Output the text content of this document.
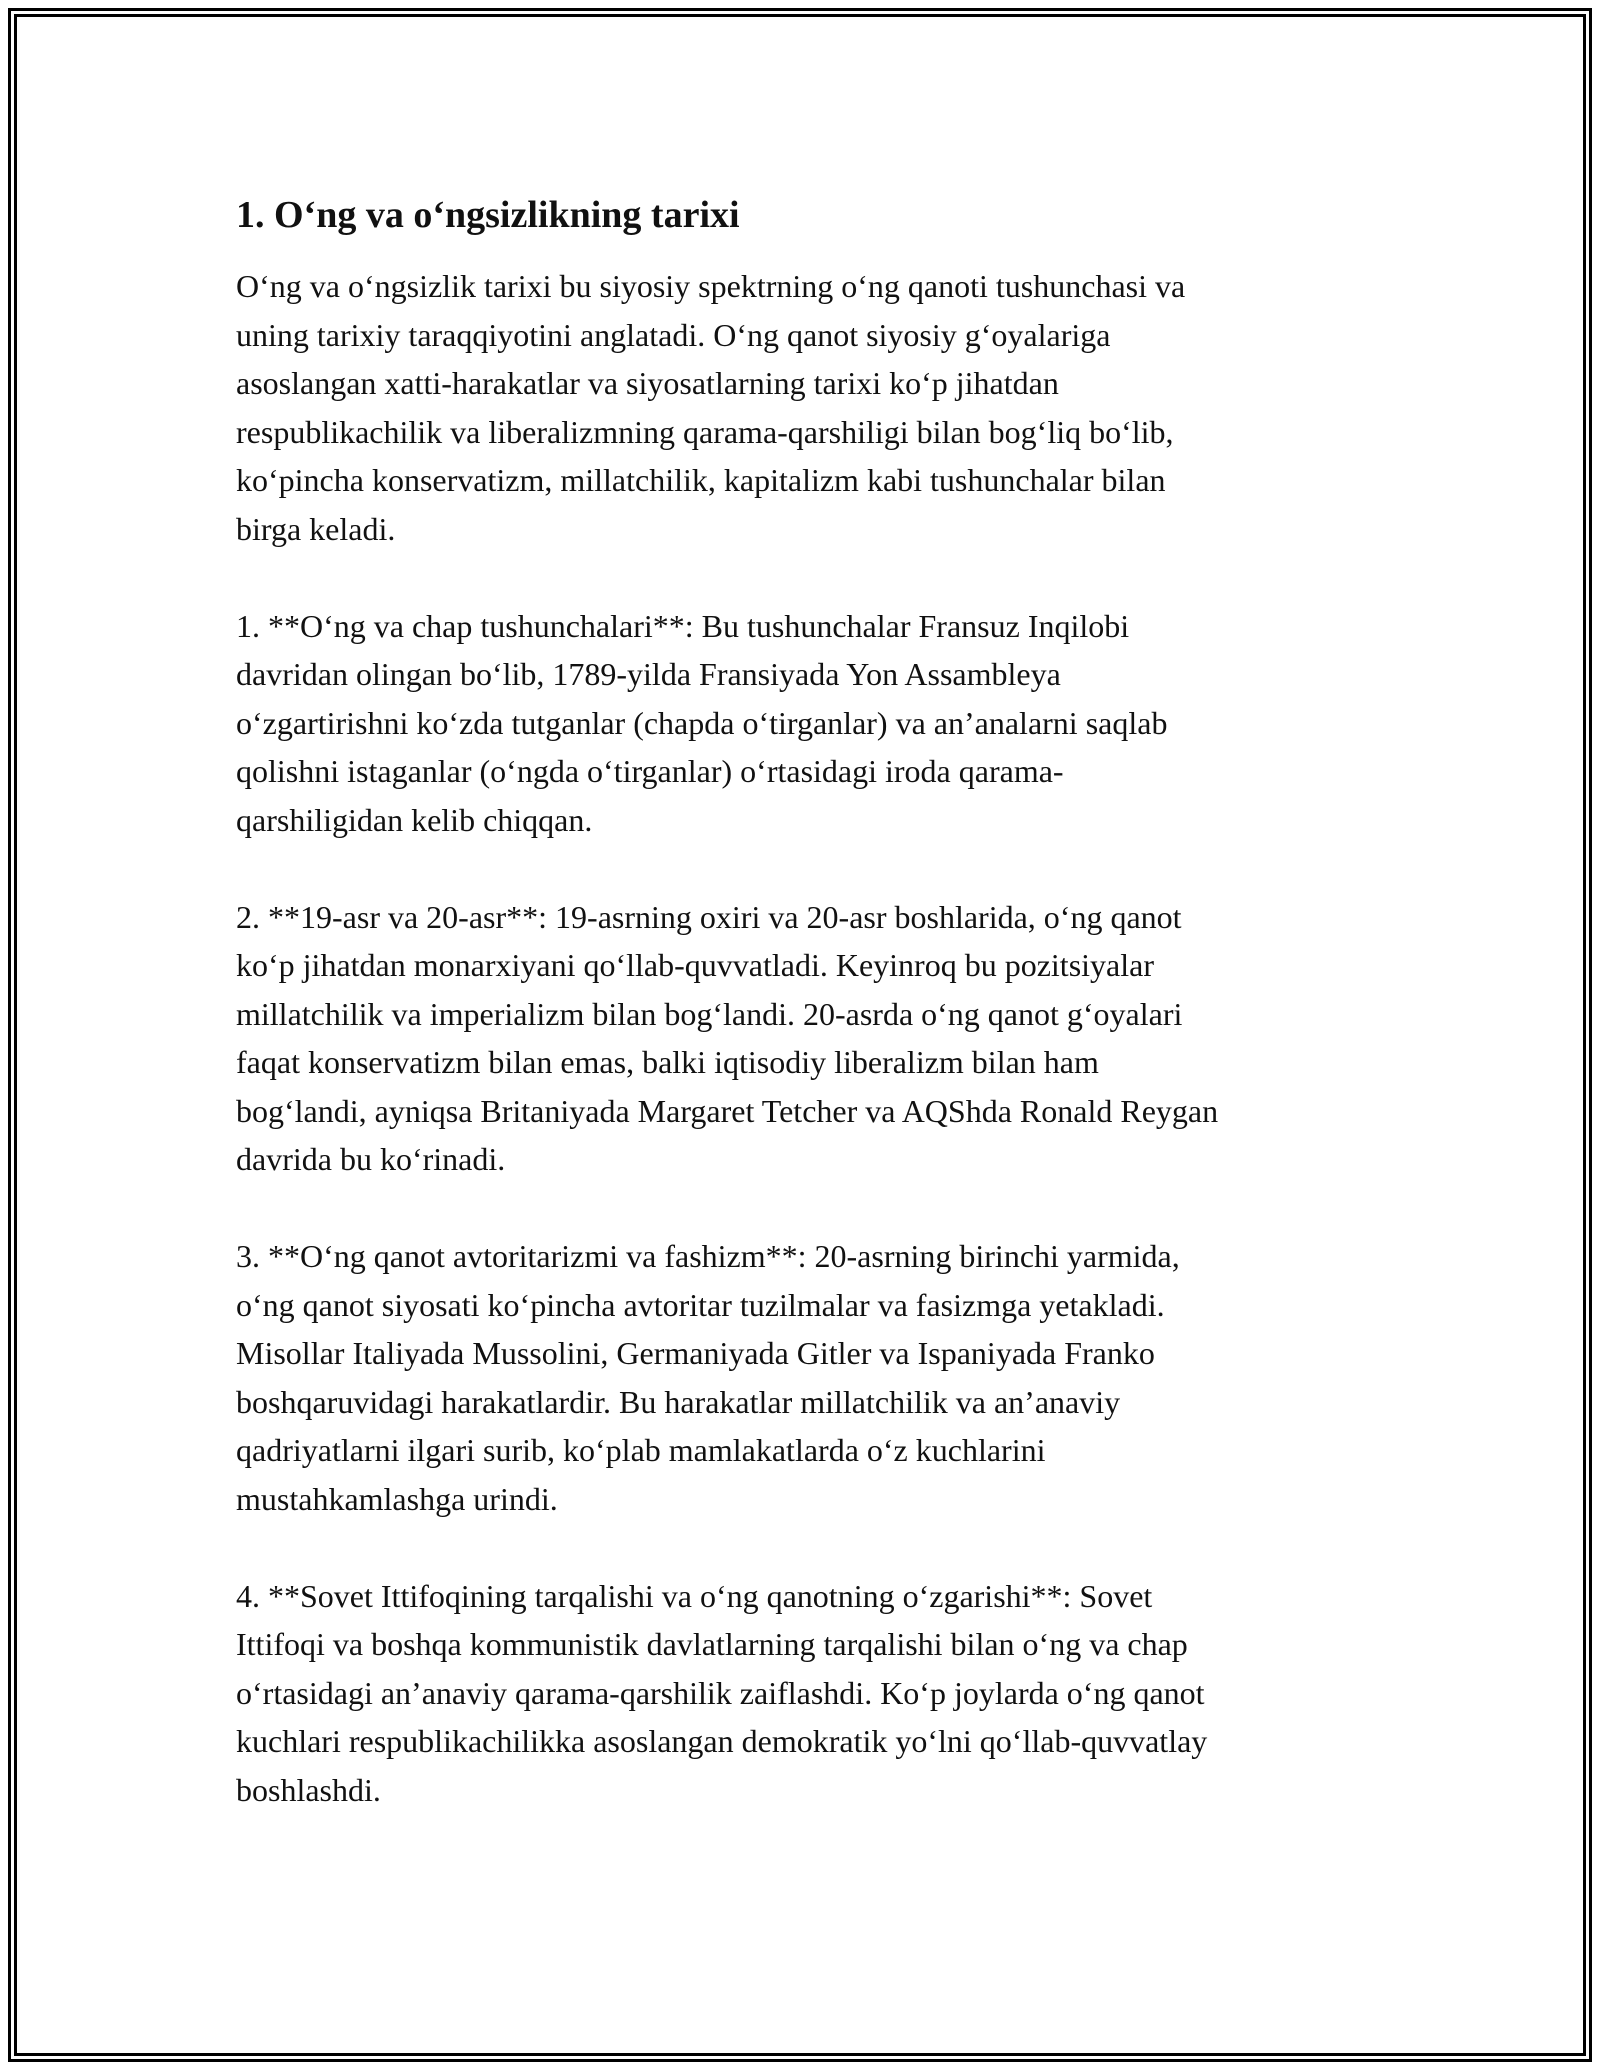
1. O‘ng va o‘ngsizlikning tarixi
O‘ng va o‘ngsizlik tarixi bu siyosiy spektrning o‘ng qanoti tushunchasi va
uning tarixiy taraqqiyotini anglatadi. O‘ng qanot siyosiy g‘oyalariga
asoslangan xatti-harakatlar va siyosatlarning tarixi ko‘p jihatdan
respublikachilik va liberalizmning qarama-qarshiligi bilan bog‘liq bo‘lib,
ko‘pincha konservatizm, millatchilik, kapitalizm kabi tushunchalar bilan
birga keladi.
1. **O‘ng va chap tushunchalari**: Bu tushunchalar Fransuz Inqilobi
davridan olingan bo‘lib, 1789-yilda Fransiyada Yon Assambleya
o‘zgartirishni ko‘zda tutganlar (chapda o‘tirganlar) va an’analarni saqlab
qolishni istaganlar (o‘ngda o‘tirganlar) o‘rtasidagi iroda qarama-
qarshiligidan kelib chiqqan.
2. **19-asr va 20-asr**: 19-asrning oxiri va 20-asr boshlarida, o‘ng qanot
ko‘p jihatdan monarxiyani qo‘llab-quvvatladi. Keyinroq bu pozitsiyalar
millatchilik va imperializm bilan bog‘landi. 20-asrda o‘ng qanot g‘oyalari
faqat konservatizm bilan emas, balki iqtisodiy liberalizm bilan ham
bog‘landi, ayniqsa Britaniyada Margaret Tetcher va AQShda Ronald Reygan
davrida bu ko‘rinadi.
3. **O‘ng qanot avtoritarizmi va fashizm**: 20-asrning birinchi yarmida,
o‘ng qanot siyosati ko‘pincha avtoritar tuzilmalar va fasizmga yetakladi.
Misollar Italiyada Mussolini, Germaniyada Gitler va Ispaniyada Franko
boshqaruvidagi harakatlardir. Bu harakatlar millatchilik va an’anaviy
qadriyatlarni ilgari surib, ko‘plab mamlakatlarda o‘z kuchlarini
mustahkamlashga urindi.
4. **Sovet Ittifoqining tarqalishi va o‘ng qanotning o‘zgarishi**: Sovet
Ittifoqi va boshqa kommunistik davlatlarning tarqalishi bilan o‘ng va chap
o‘rtasidagi an’anaviy qarama-qarshilik zaiflashdi. Ko‘p joylarda o‘ng qanot
kuchlari respublikachilikka asoslangan demokratik yo‘lni qo‘llab-quvvatlay
boshlashdi.
